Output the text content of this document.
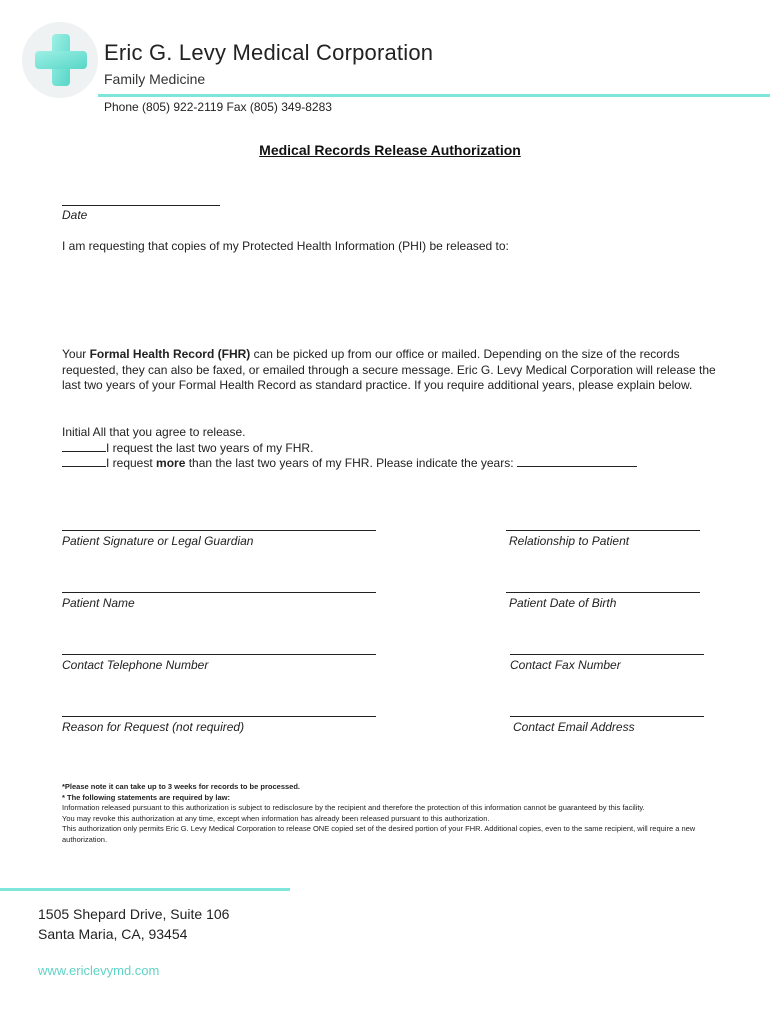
Eric G. Levy Medical Corporation
Family Medicine
Phone (805) 922-2119 Fax (805) 349-8283
Medical Records Release Authorization
Date
I am requesting that copies of my Protected Health Information (PHI) be released to:
Your Formal Health Record (FHR) can be picked up from our office or mailed. Depending on the size of the records requested, they can also be faxed, or emailed through a secure message. Eric G. Levy Medical Corporation will release the last two years of your Formal Health Record as standard practice. If you require additional years, please explain below.
Initial All that you agree to release.
I request the last two years of my FHR.
I request more than the last two years of my FHR. Please indicate the years:
Patient Signature or Legal Guardian	Relationship to Patient
Patient Name	Patient Date of Birth
Contact Telephone Number	Contact Fax Number
Reason for Request (not required)	Contact Email Address
*Please note it can take up to 3 weeks for records to be processed.
* The following statements are required by law:
Information released pursuant to this authorization is subject to redisclosure by the recipient and therefore the protection of this information cannot be guaranteed by this facility.
You may revoke this authorization at any time, except when information has already been released pursuant to this authorization.
This authorization only permits Eric G. Levy Medical Corporation to release ONE copied set of the desired portion of your FHR. Additional copies, even to the same recipient, will require a new authorization.
1505 Shepard Drive, Suite 106
Santa Maria, CA, 93454
www.ericlevymd.com
